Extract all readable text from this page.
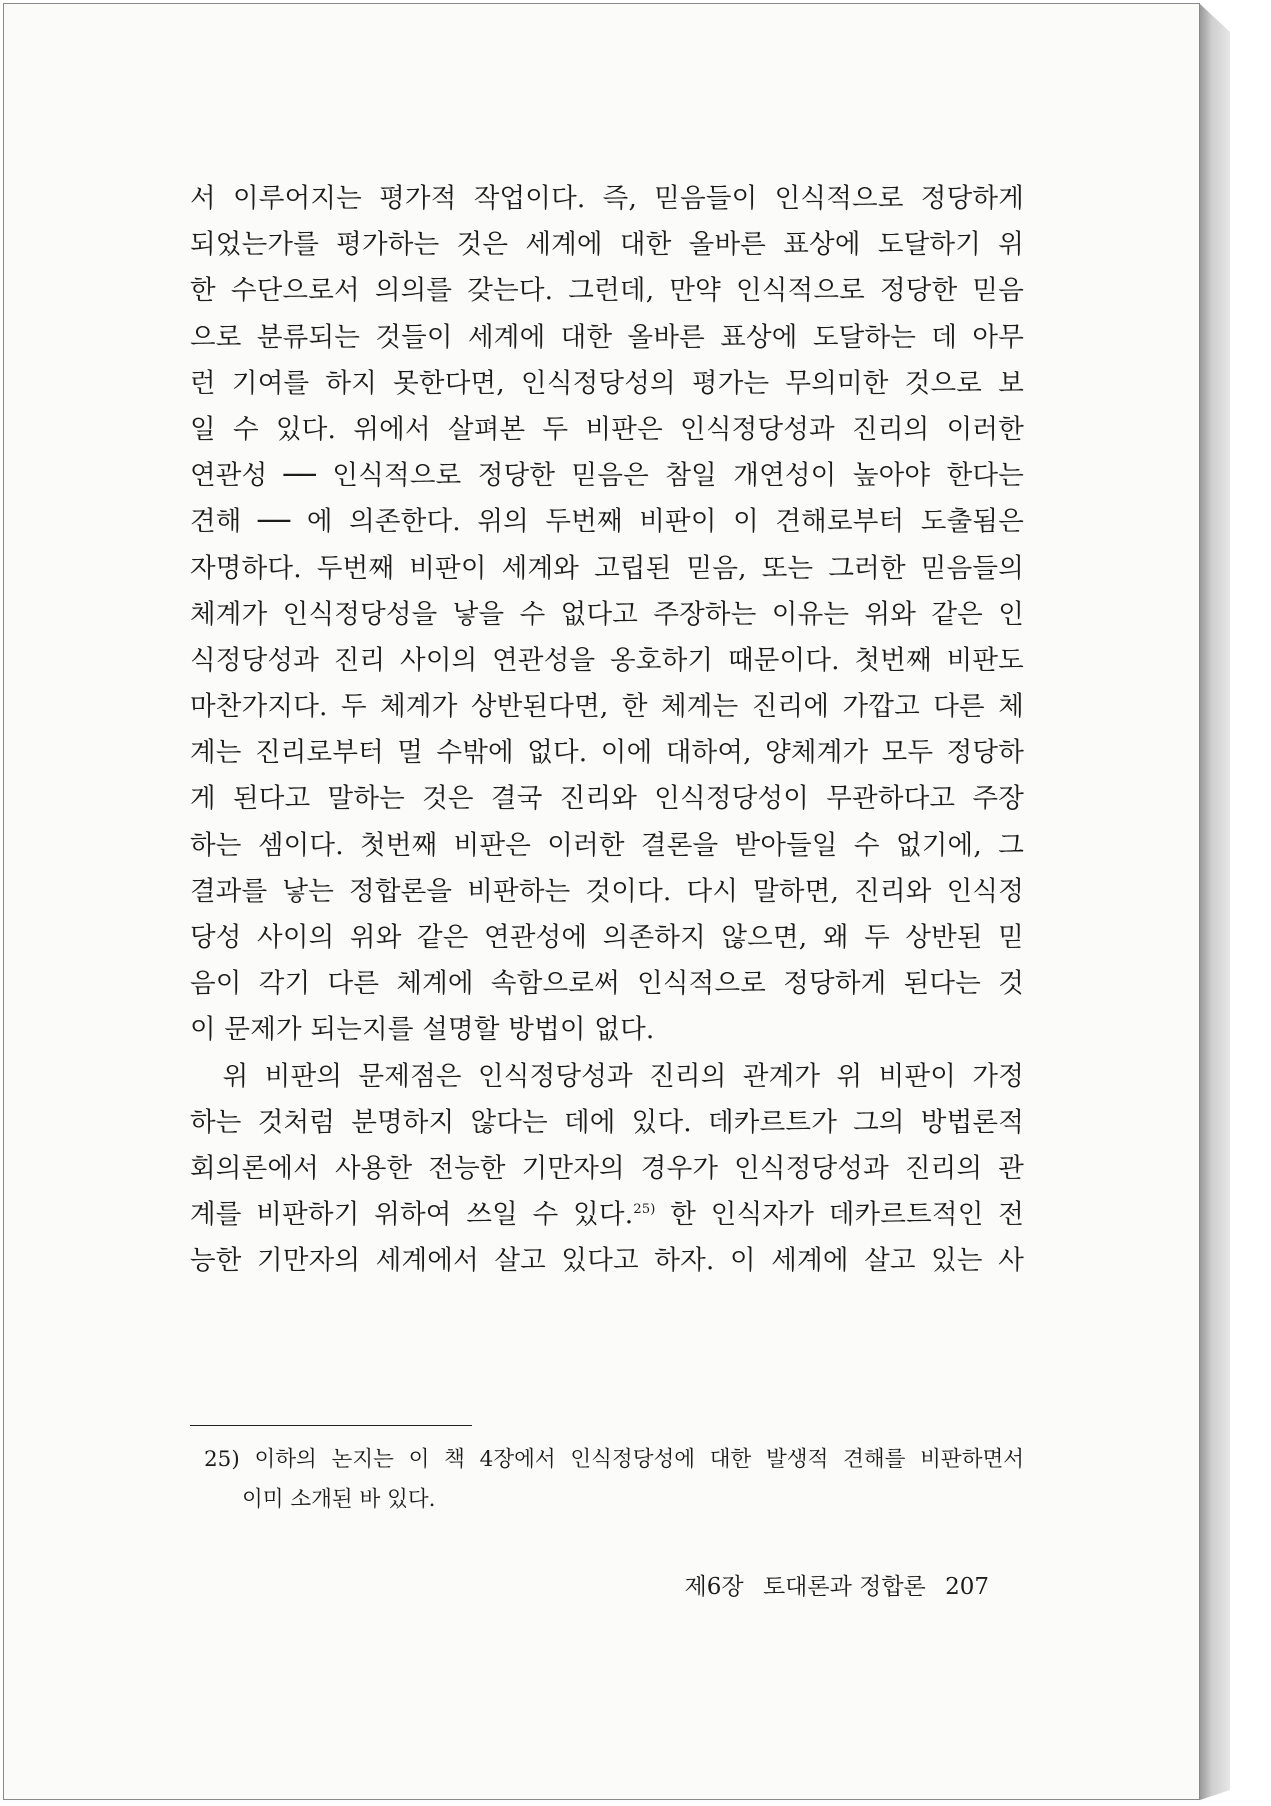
서 이루어지는 평가적 작업이다. 즉, 믿음들이 인식적으로 정당하게
되었는가를 평가하는 것은 세계에 대한 올바른 표상에 도달하기 위
한 수단으로서 의의를 갖는다. 그런데, 만약 인식적으로 정당한 믿음
으로 분류되는 것들이 세계에 대한 올바른 표상에 도달하는 데 아무
런 기여를 하지 못한다면, 인식정당성의 평가는 무의미한 것으로 보
일 수 있다. 위에서 살펴본 두 비판은 인식정당성과 진리의 이러한
연관성 ── 인식적으로 정당한 믿음은 참일 개연성이 높아야 한다는
견해 ── 에 의존한다. 위의 두번째 비판이 이 견해로부터 도출됨은
자명하다. 두번째 비판이 세계와 고립된 믿음, 또는 그러한 믿음들의
체계가 인식정당성을 낳을 수 없다고 주장하는 이유는 위와 같은 인
식정당성과 진리 사이의 연관성을 옹호하기 때문이다. 첫번째 비판도
마찬가지다. 두 체계가 상반된다면, 한 체계는 진리에 가깝고 다른 체
계는 진리로부터 멀 수밖에 없다. 이에 대하여, 양체계가 모두 정당하
게 된다고 말하는 것은 결국 진리와 인식정당성이 무관하다고 주장
하는 셈이다. 첫번째 비판은 이러한 결론을 받아들일 수 없기에, 그
결과를 낳는 정합론을 비판하는 것이다. 다시 말하면, 진리와 인식정
당성 사이의 위와 같은 연관성에 의존하지 않으면, 왜 두 상반된 믿
음이 각기 다른 체계에 속함으로써 인식적으로 정당하게 된다는 것
이 문제가 되는지를 설명할 방법이 없다.
위 비판의 문제점은 인식정당성과 진리의 관계가 위 비판이 가정
하는 것처럼 분명하지 않다는 데에 있다. 데카르트가 그의 방법론적
회의론에서 사용한 전능한 기만자의 경우가 인식정당성과 진리의 관
계를 비판하기 위하여 쓰일 수 있다.$^{25)}$ 한 인식자가 데카르트적인 전
능한 기만자의 세계에서 살고 있다고 하자. 이 세계에 살고 있는 사
25) 이하의 논지는 이 책 4장에서 인식정당성에 대한 발생적 견해를 비판하면서
이미 소개된 바 있다.
제6장 토대론과 정합론 207
